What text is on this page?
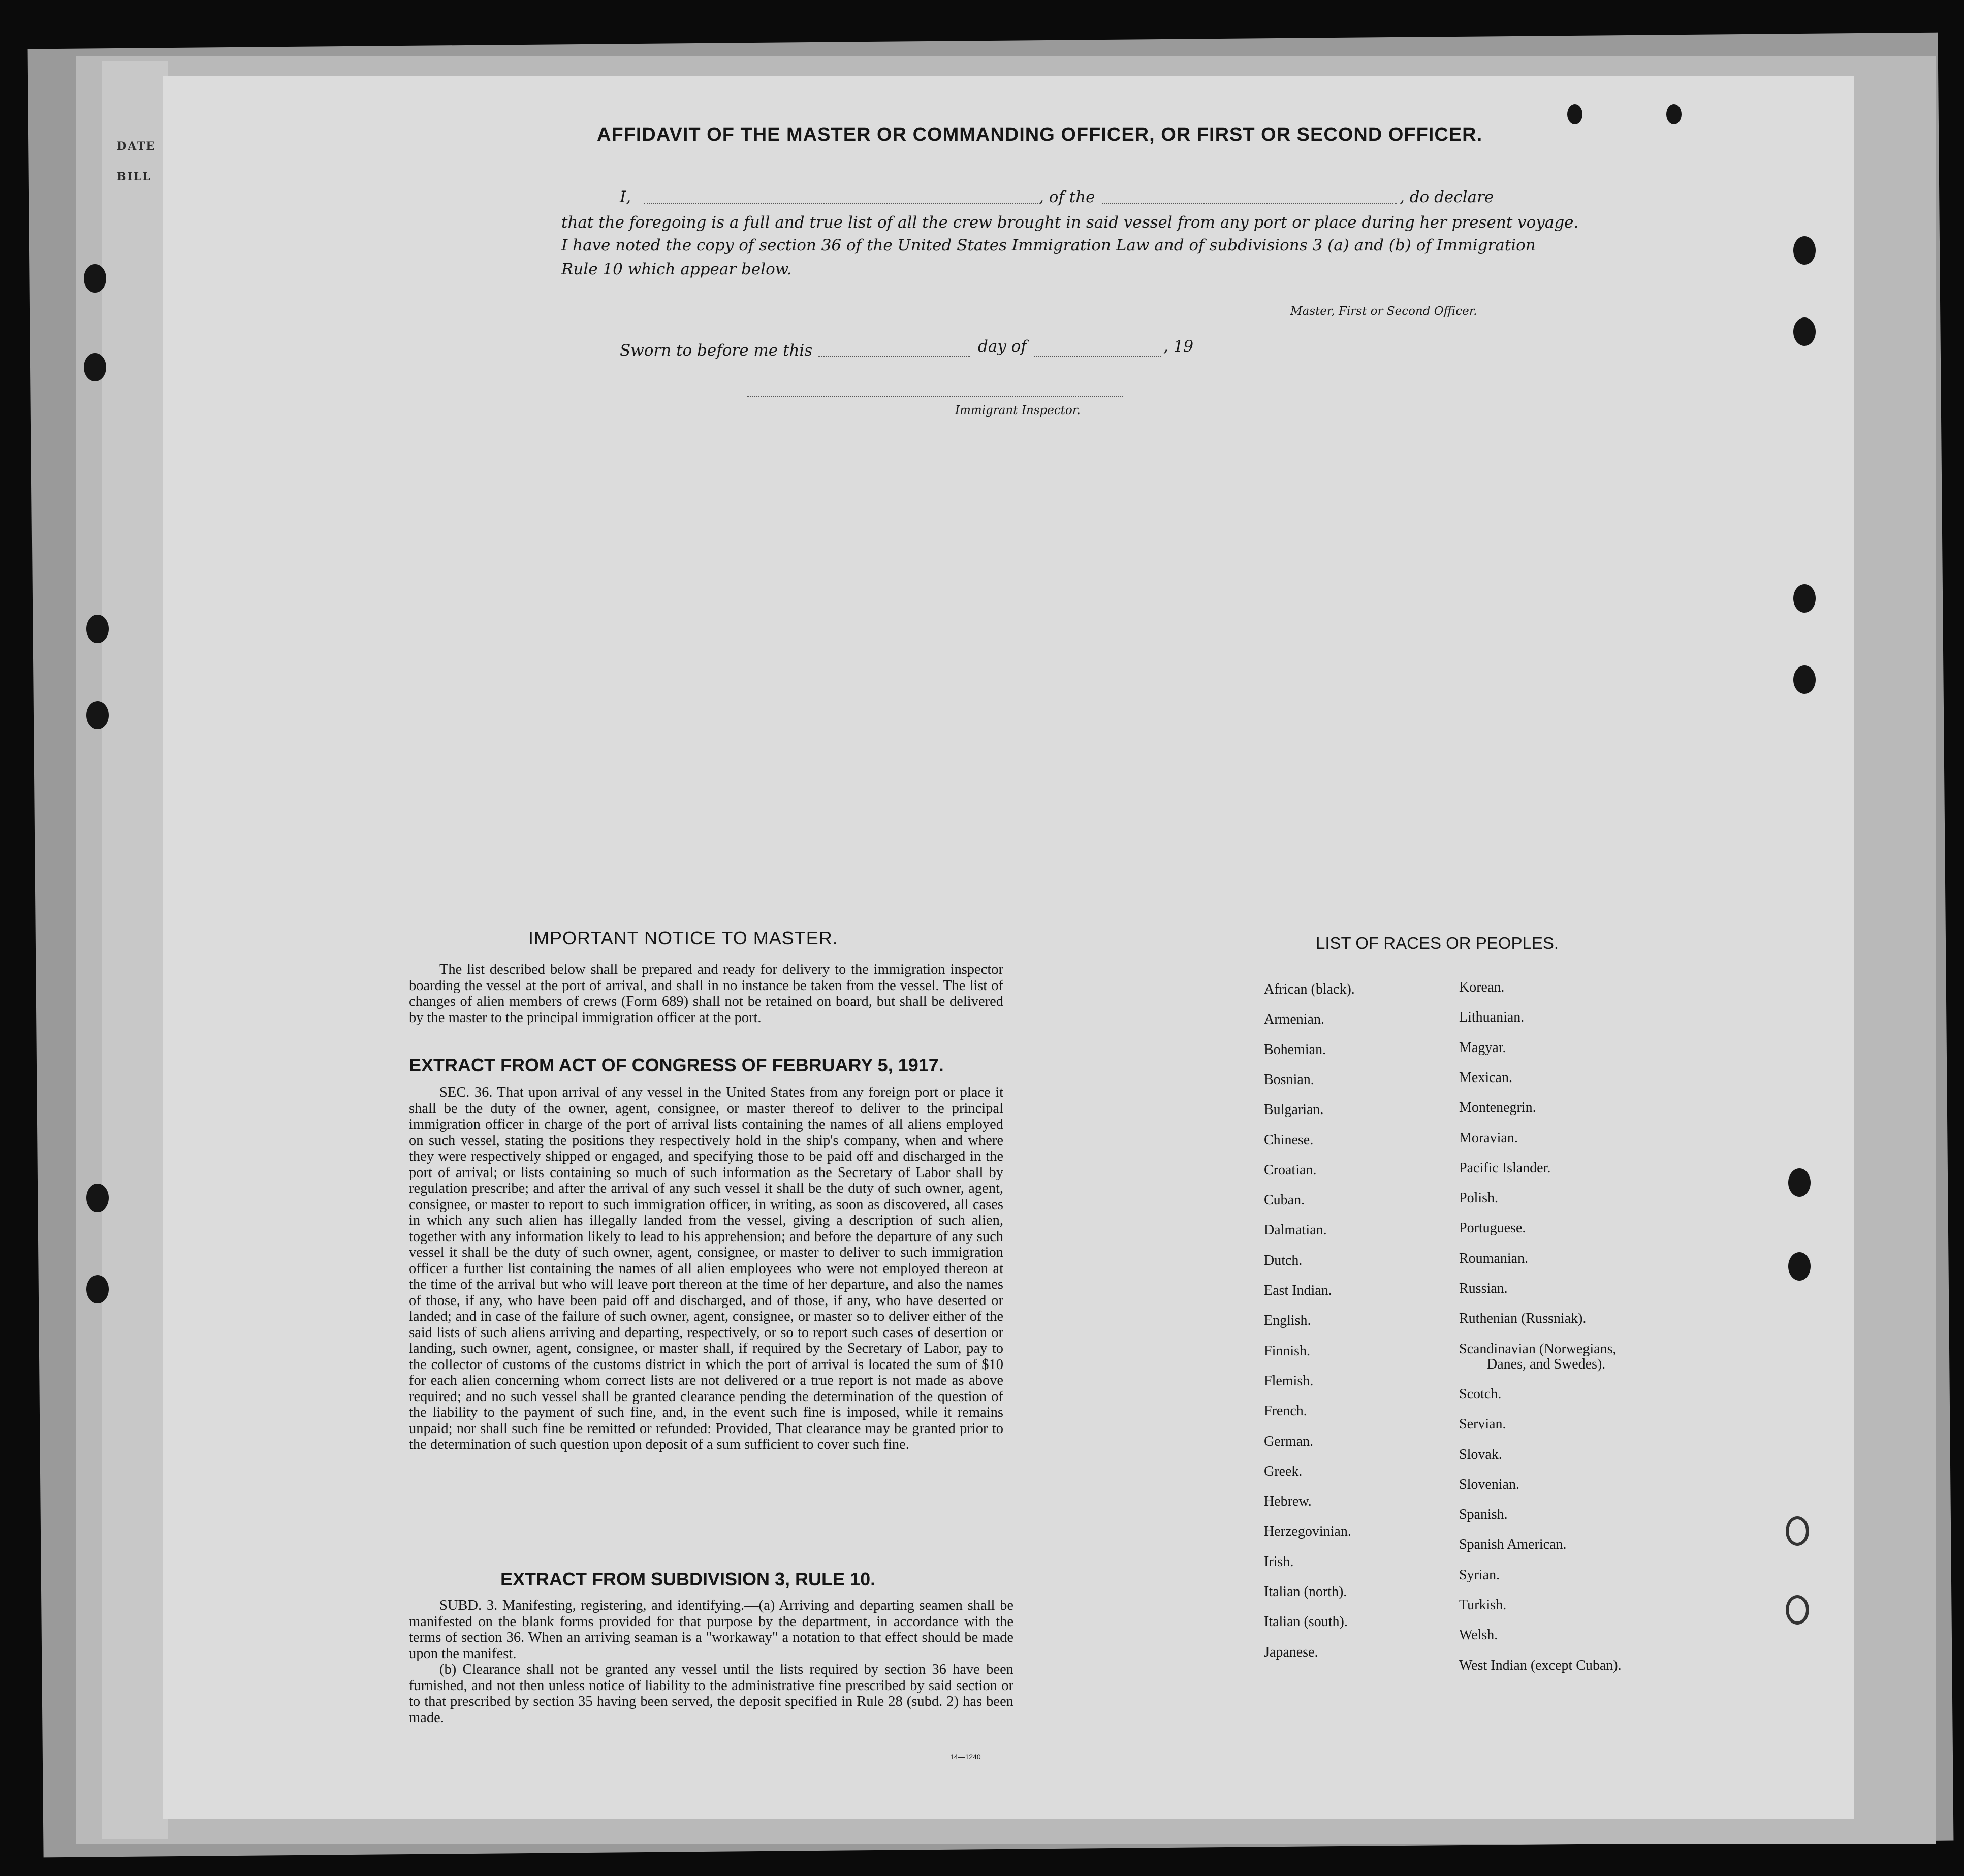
DATE
BILL
AFFIDAVIT OF THE MASTER OR COMMANDING OFFICER, OR FIRST OR SECOND OFFICER.
I,	, of the	, do declare
that the foregoing is a full and true list of all the crew brought in said vessel from any port or place during her present voyage.
I have noted the copy of section 36 of the United States Immigration Law and of subdivisions 3 (a) and (b) of Immigration
Rule 10 which appear below.
Master, First or Second Officer.
Sworn to before me this	day of	, 19
Immigrant Inspector.
IMPORTANT NOTICE TO MASTER.

The list described below shall be prepared and ready for delivery to the immigration inspector boarding the vessel at the port of arrival, and shall in no instance be taken from the vessel. The list of changes of alien members of crews (Form 689) shall not be retained on board, but shall be delivered by the master to the principal immigration officer at the port.

EXTRACT FROM ACT OF CONGRESS OF FEBRUARY 5, 1917.

SEC. 36. That upon arrival of any vessel in the United States from any foreign port or place it shall be the duty of the owner, agent, consignee, or master thereof to deliver to the principal immigration officer in charge of the port of arrival lists containing the names of all aliens employed on such vessel, stating the positions they respectively hold in the ship's company, when and where they were respectively shipped or engaged, and specifying those to be paid off and discharged in the port of arrival; or lists containing so much of such information as the Secretary of Labor shall by regulation prescribe; and after the arrival of any such vessel it shall be the duty of such owner, agent, consignee, or master to report to such immigration officer, in writing, as soon as discovered, all cases in which any such alien has illegally landed from the vessel, giving a description of such alien, together with any information likely to lead to his apprehension; and before the departure of any such vessel it shall be the duty of such owner, agent, consignee, or master to deliver to such immigration officer a further list containing the names of all alien employees who were not employed thereon at the time of the arrival but who will leave port thereon at the time of her departure, and also the names of those, if any, who have been paid off and discharged, and of those, if any, who have deserted or landed; and in case of the failure of such owner, agent, consignee, or master so to deliver either of the said lists of such aliens arriving and departing, respectively, or so to report such cases of desertion or landing, such owner, agent, consignee, or master shall, if required by the Secretary of Labor, pay to the collector of customs of the customs district in which the port of arrival is located the sum of $10 for each alien concerning whom correct lists are not delivered or a true report is not made as above required; and no such vessel shall be granted clearance pending the determination of the question of the liability to the payment of such fine, and, in the event such fine is imposed, while it remains unpaid; nor shall such fine be remitted or refunded: Provided, That clearance may be granted prior to the determination of such question upon deposit of a sum sufficient to cover such fine.

EXTRACT FROM SUBDIVISION 3, RULE 10.

SUBD. 3. Manifesting, registering, and identifying.—(a) Arriving and departing seamen shall be manifested on the blank forms provided for that purpose by the department, in accordance with the terms of section 36. When an arriving seaman is a "workaway" a notation to that effect should be made upon the manifest.

(b) Clearance shall not be granted any vessel until the lists required by section 36 have been furnished, and not then unless notice of liability to the administrative fine prescribed by said section or to that prescribed by section 35 having been served, the deposit specified in Rule 28 (subd. 2) has been made.

14—1240
LIST OF RACES OR PEOPLES.
African (black).
Armenian.
Bohemian.
Bosnian.
Bulgarian.
Chinese.
Croatian.
Cuban.
Dalmatian.
Dutch.
East Indian.
English.
Finnish.
Flemish.
French.
German.
Greek.
Hebrew.
Herzegovinian.
Irish.
Italian (north).
Italian (south).
Japanese.
Korean.
Lithuanian.
Magyar.
Mexican.
Montenegrin.
Moravian.
Pacific Islander.
Polish.
Portuguese.
Roumanian.
Russian.
Ruthenian (Russniak).
Scandinavian (Norwegians,
Danes, and Swedes).
Scotch.
Servian.
Slovak.
Slovenian.
Spanish.
Spanish American.
Syrian.
Turkish.
Welsh.
West Indian (except Cuban).
